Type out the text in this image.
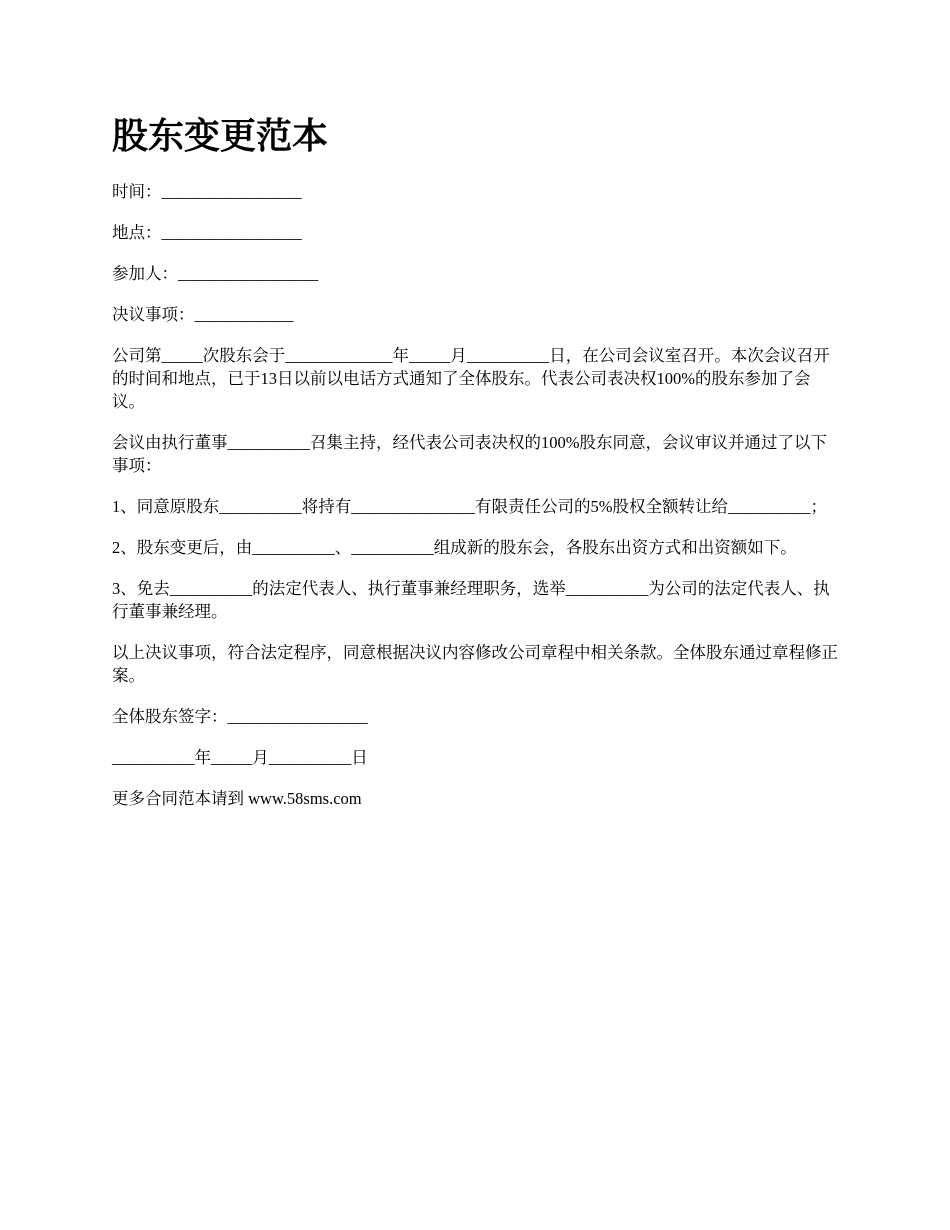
股东变更范本

时间：_________________

地点：_________________

参加人：_________________

决议事项：____________

公司第_____次股东会于_____________年_____月__________日，在公司会议室召开。本次会议召开的时间和地点，已于13日以前以电话方式通知了全体股东。代表公司表决权100%的股东参加了会议。

会议由执行董事__________召集主持，经代表公司表决权的100%股东同意，会议审议并通过了以下事项：

1、同意原股东__________将持有_______________有限责任公司的5%股权全额转让给__________；

2、股东变更后，由__________、__________组成新的股东会，各股东出资方式和出资额如下。

3、免去__________的法定代表人、执行董事兼经理职务，选举__________为公司的法定代表人、执行董事兼经理。

以上决议事项，符合法定程序，同意根据决议内容修改公司章程中相关条款。全体股东通过章程修正案。

全体股东签字：_________________

__________年_____月__________日

更多合同范本请到 www.58sms.com
